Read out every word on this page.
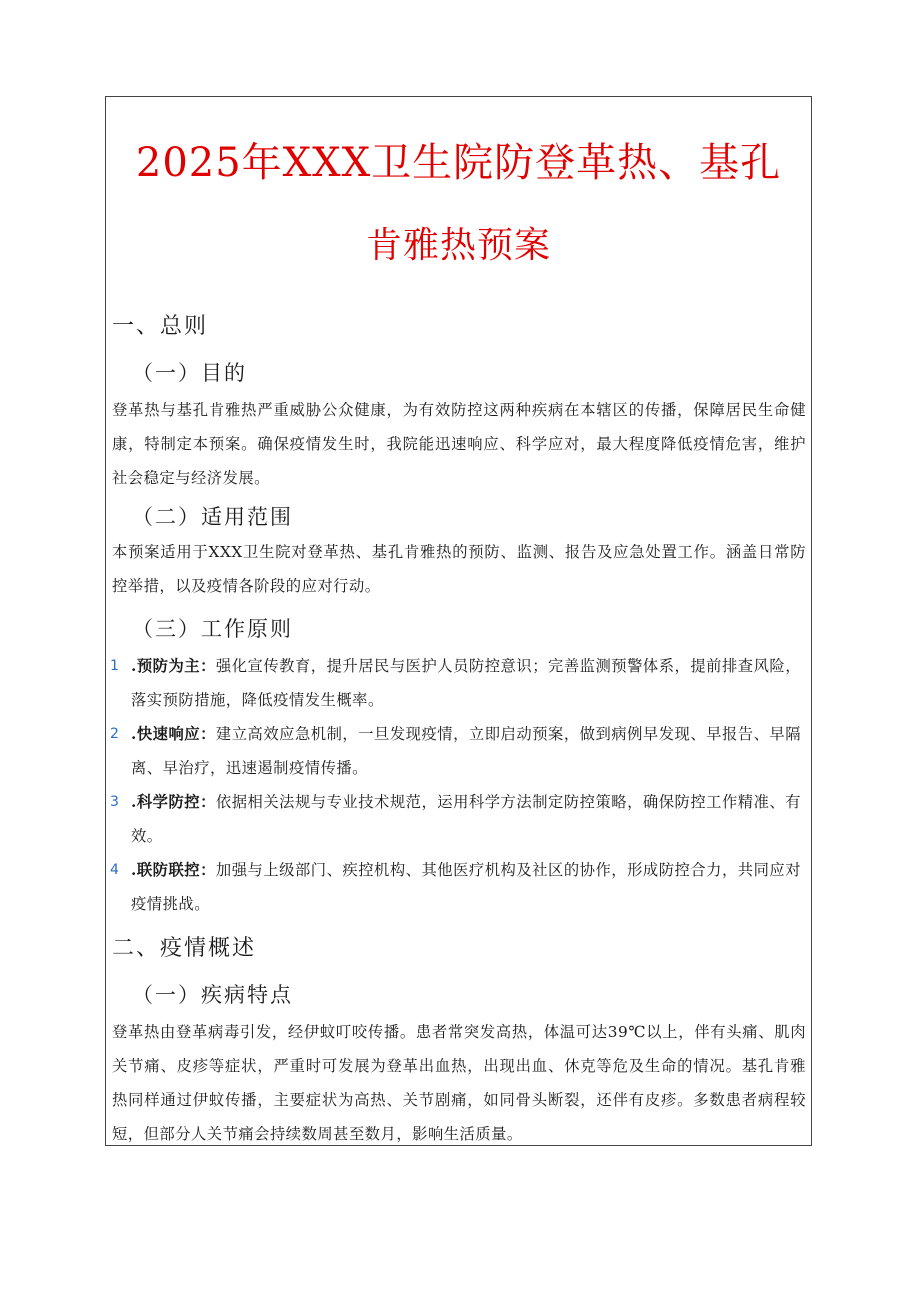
2025年XXX卫生院防登革热、基孔
肯雅热预案
一、总则
（一）目的
登革热与基孔肯雅热严重威胁公众健康，为有效防控这两种疾病在本辖区的传播，保障居民生命健康，特制定本预案。确保疫情发生时，我院能迅速响应、科学应对，最大程度降低疫情危害，维护社会稳定与经济发展。
（二）适用范围
本预案适用于XXX卫生院对登革热、基孔肯雅热的预防、监测、报告及应急处置工作。涵盖日常防控举措，以及疫情各阶段的应对行动。
（三）工作原则
1 .预防为主：强化宣传教育，提升居民与医护人员防控意识；完善监测预警体系，提前排查风险，落实预防措施，降低疫情发生概率。
2 .快速响应：建立高效应急机制，一旦发现疫情，立即启动预案，做到病例早发现、早报告、早隔离、早治疗，迅速遏制疫情传播。
3 .科学防控：依据相关法规与专业技术规范，运用科学方法制定防控策略，确保防控工作精准、有效。
4 .联防联控：加强与上级部门、疾控机构、其他医疗机构及社区的协作，形成防控合力，共同应对疫情挑战。
二、疫情概述
（一）疾病特点
登革热由登革病毒引发，经伊蚊叮咬传播。患者常突发高热，体温可达39℃以上，伴有头痛、肌肉关节痛、皮疹等症状，严重时可发展为登革出血热，出现出血、休克等危及生命的情况。基孔肯雅热同样通过伊蚊传播，主要症状为高热、关节剧痛，如同骨头断裂，还伴有皮疹。多数患者病程较短，但部分人关节痛会持续数周甚至数月，影响生活质量。
